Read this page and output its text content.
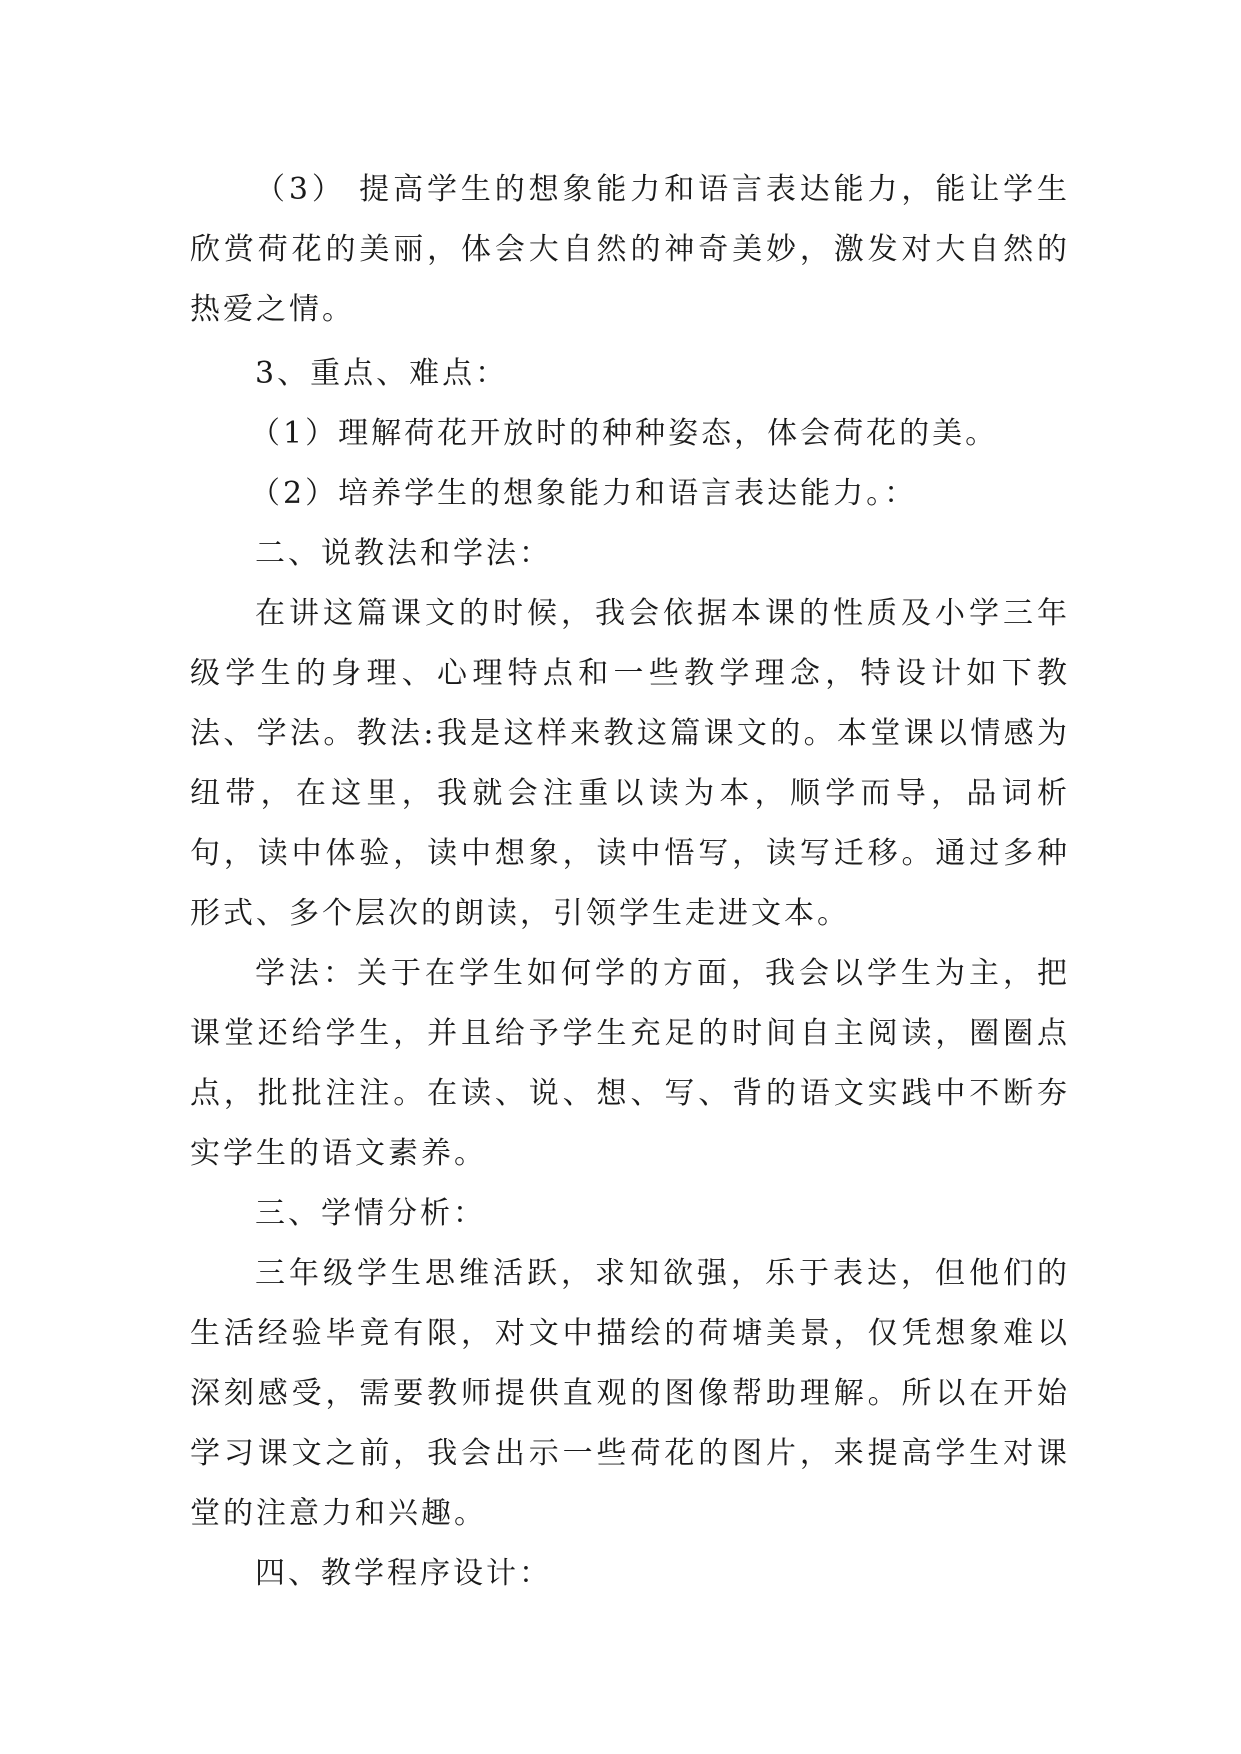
（3） 提高学生的想象能力和语言表达能力，能让学生欣赏荷花的美丽，体会大自然的神奇美妙，激发对大自然的热爱之情。

3、重点、难点：

（1）理解荷花开放时的种种姿态，体会荷花的美。

（2）培养学生的想象能力和语言表达能力。：

二、说教法和学法：

在讲这篇课文的时候，我会依据本课的性质及小学三年级学生的身理、心理特点和一些教学理念，特设计如下教法、学法。教法:我是这样来教这篇课文的。本堂课以情感为纽带，在这里，我就会注重以读为本，顺学而导，品词析句，读中体验，读中想象，读中悟写，读写迁移。通过多种形式、多个层次的朗读，引领学生走进文本。

学法：关于在学生如何学的方面，我会以学生为主，把课堂还给学生，并且给予学生充足的时间自主阅读，圈圈点点，批批注注。在读、说、想、写、背的语文实践中不断夯实学生的语文素养。

三、学情分析：

三年级学生思维活跃，求知欲强，乐于表达，但他们的生活经验毕竟有限，对文中描绘的荷塘美景，仅凭想象难以深刻感受，需要教师提供直观的图像帮助理解。所以在开始学习课文之前，我会出示一些荷花的图片，来提高学生对课堂的注意力和兴趣。

四、教学程序设计：
